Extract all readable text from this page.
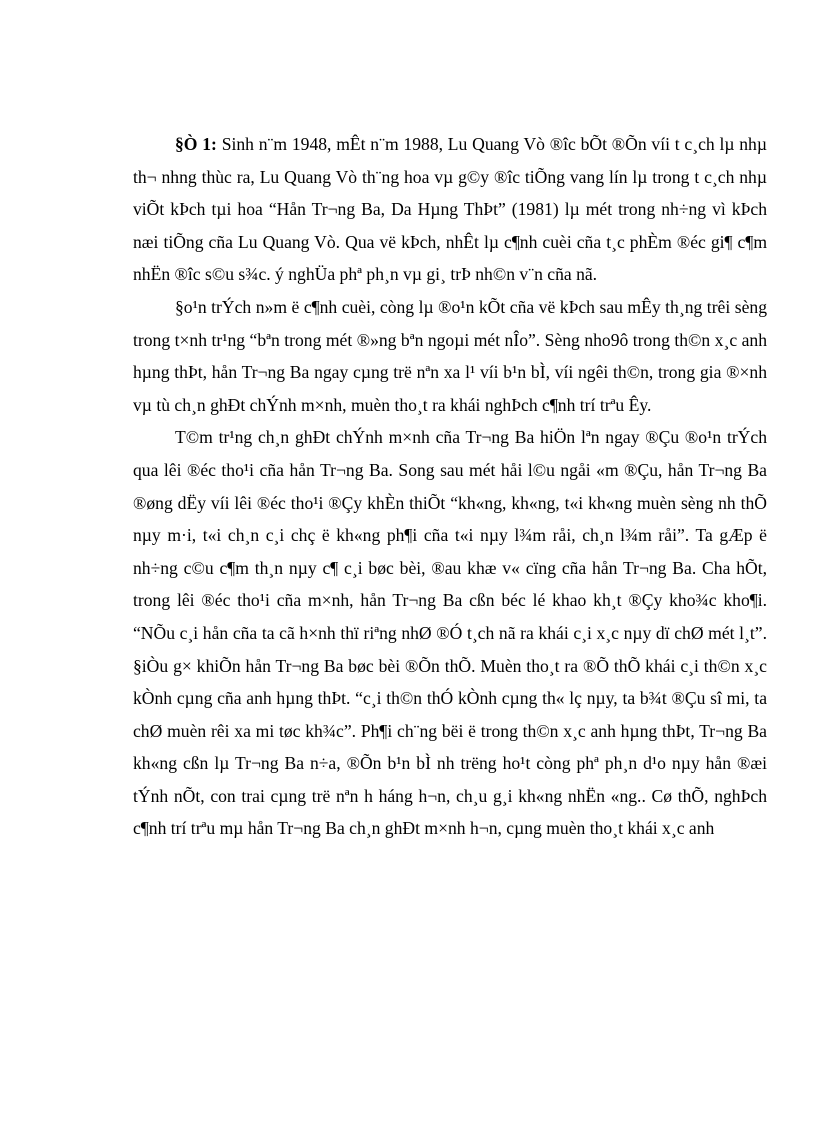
§Ò 1: Sinh n¨m 1948, mÊt n¨m 1988, Lu Quang Vò ®îc bÕt ®Õn víi t c¸ch lµ nhµ th¬ nhng thùc ra, Lu Quang Vò th¨ng hoa vµ g©y ®îc tiÕng vang lín lµ trong t c¸ch nhµ viÕt kÞch tµi hoa “Hån Tr¬ng Ba, Da Hµng ThÞt” (1981) lµ mét trong nh÷ng vì kÞch næi tiÕng cña Lu Quang Vò. Qua vë kÞch, nhÊt lµ c¶nh cuèi cña t¸c phÈm ®éc gi¶ c¶m nhËn ®îc s©u s¾c. ý nghÜa phª ph¸n vµ gi¸ trÞ nh©n v¨n cña nã.

§o¹n trÝch n»m ë c¶nh cuèi, còng lµ ®o¹n kÕt cña vë kÞch sau mÊy th¸ng trêi sèng trong t×nh tr¹ng “bªn trong mét ®»ng bªn ngoµi mét nÎo”. Sèng nho9ô trong th©n x¸c anh hµng thÞt, hån Tr¬ng Ba ngay cµng trë nªn xa l¹ víi b¹n bÌ, víi ngêi th©n, trong gia ®×nh vµ tù ch¸n ghÐt chÝnh m×nh, muèn tho¸t ra khái nghÞch c¶nh trí trªu Êy.

T©m tr¹ng ch¸n ghÐt chÝnh m×nh cña Tr¬ng Ba hiÖn lªn ngay ®Çu ®o¹n trÝch qua lêi ®éc tho¹i cña hån Tr¬ng Ba. Song sau mét håi l©u ngåi «m ®Çu, hån Tr¬ng Ba ®øng dËy víi lêi ®éc tho¹i ®Çy khÈn thiÕt “kh«ng, kh«ng, t«i kh«ng muèn sèng nh thÕ nµy m·i, t«i ch¸n c¸i chç ë kh«ng ph¶i cña t«i nµy l¾m råi, ch¸n l¾m råi”. Ta gÆp ë nh÷ng c©u c¶m th¸n nµy c¶ c¸i bøc bèi, ®au khæ v« cïng cña hån Tr¬ng Ba. Cha hÕt, trong lêi ®éc tho¹i cña m×nh, hån Tr¬ng Ba cßn béc lé khao kh¸t ®Çy kho¾c kho¶i. “NÕu c¸i hån cña ta cã h×nh thï riªng nhØ ®Ó t¸ch nã ra khái c¸i x¸c nµy dï chØ mét l¸t”. §iÒu g× khiÕn hån Tr¬ng Ba bøc bèi ®Õn thÕ. Muèn tho¸t ra ®Õ thÕ khái c¸i th©n x¸c kÒnh cµng cña anh hµng thÞt. “c¸i th©n thÓ kÒnh cµng th« lç nµy, ta b¾t ®Çu sî mi, ta chØ muèn rêi xa mi tøc kh¾c”. Ph¶i ch¨ng bëi ë trong th©n x¸c anh hµng thÞt, Tr¬ng Ba kh«ng cßn lµ Tr¬ng Ba n÷a, ®Õn b¹n bÌ nh trëng ho¹t còng phª ph¸n d¹o nµy hån ®æi tÝnh nÕt, con trai cµng trë nªn h háng h¬n, ch¸u g¸i kh«ng nhËn «ng.. Cø thÕ, nghÞch c¶nh trí trªu mµ hån Tr¬ng Ba ch¸n ghÐt m×nh h¬n, cµng muèn tho¸t khái x¸c anh
